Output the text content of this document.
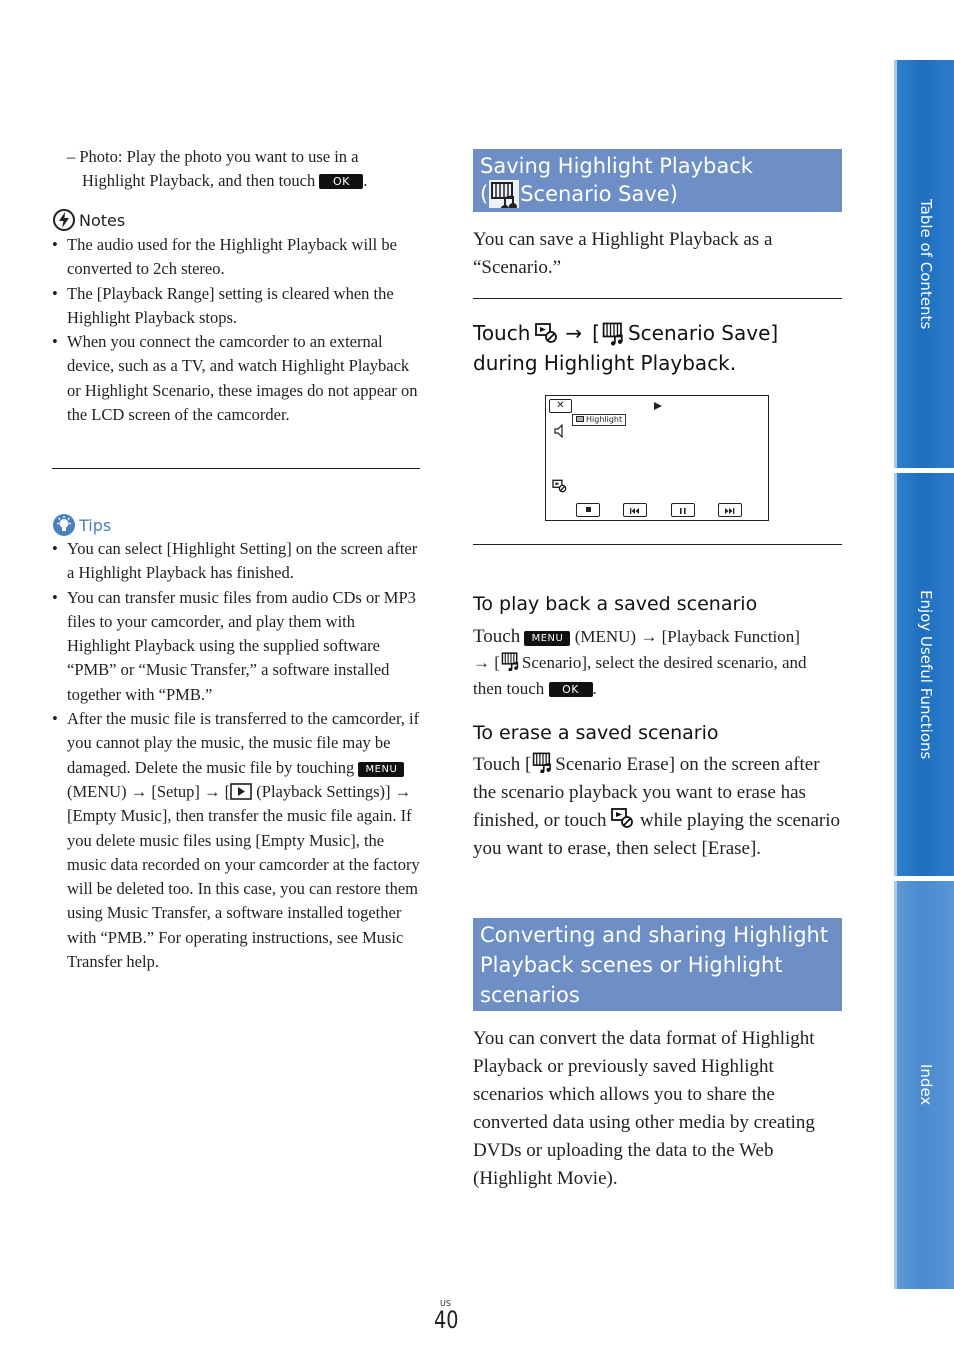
– Photo: Play the photo you want to use in a
Highlight Playback, and then touch OK .
Notes
• The audio used for the Highlight Playback will be converted to 2ch stereo.
• The [Playback Range] setting is cleared when the Highlight Playback stops.
• When you connect the camcorder to an external device, such as a TV, and watch Highlight Playback or Highlight Scenario, these images do not appear on the LCD screen of the camcorder.
Tips
• You can select [Highlight Setting] on the screen after a Highlight Playback has finished.
• You can transfer music files from audio CDs or MP3 files to your camcorder, and play them with Highlight Playback using the supplied software “PMB” or “Music Transfer,” a software installed together with “PMB.”
• After the music file is transferred to the camcorder, if you cannot play the music, the music file may be damaged. Delete the music file by touching MENU (MENU) → [Setup] → [ (Playback Settings)] → [Empty Music], then transfer the music file again. If you delete music files using [Empty Music], the music data recorded on your camcorder at the factory will be deleted too. In this case, you can restore them using Music Transfer, a software installed together with “PMB.” For operating instructions, see Music Transfer help.
Saving Highlight Playback
( Scenario Save)
You can save a Highlight Playback as a “Scenario.”
Touch → [ Scenario Save]
during Highlight Playback.
✕
Highlight
To play back a saved scenario
Touch MENU (MENU) → [Playback Function]
→ [ Scenario], select the desired scenario, and
then touch OK .
To erase a saved scenario
Touch [ Scenario Erase] on the screen after the scenario playback you want to erase has finished, or touch while playing the scenario you want to erase, then select [Erase].
Converting and sharing Highlight Playback scenes or Highlight scenarios
You can convert the data format of Highlight Playback or previously saved Highlight scenarios which allows you to share the converted data using other media by creating DVDs or uploading the data to the Web (Highlight Movie).
Table of Contents
Enjoy Useful Functions
Index
US
40
